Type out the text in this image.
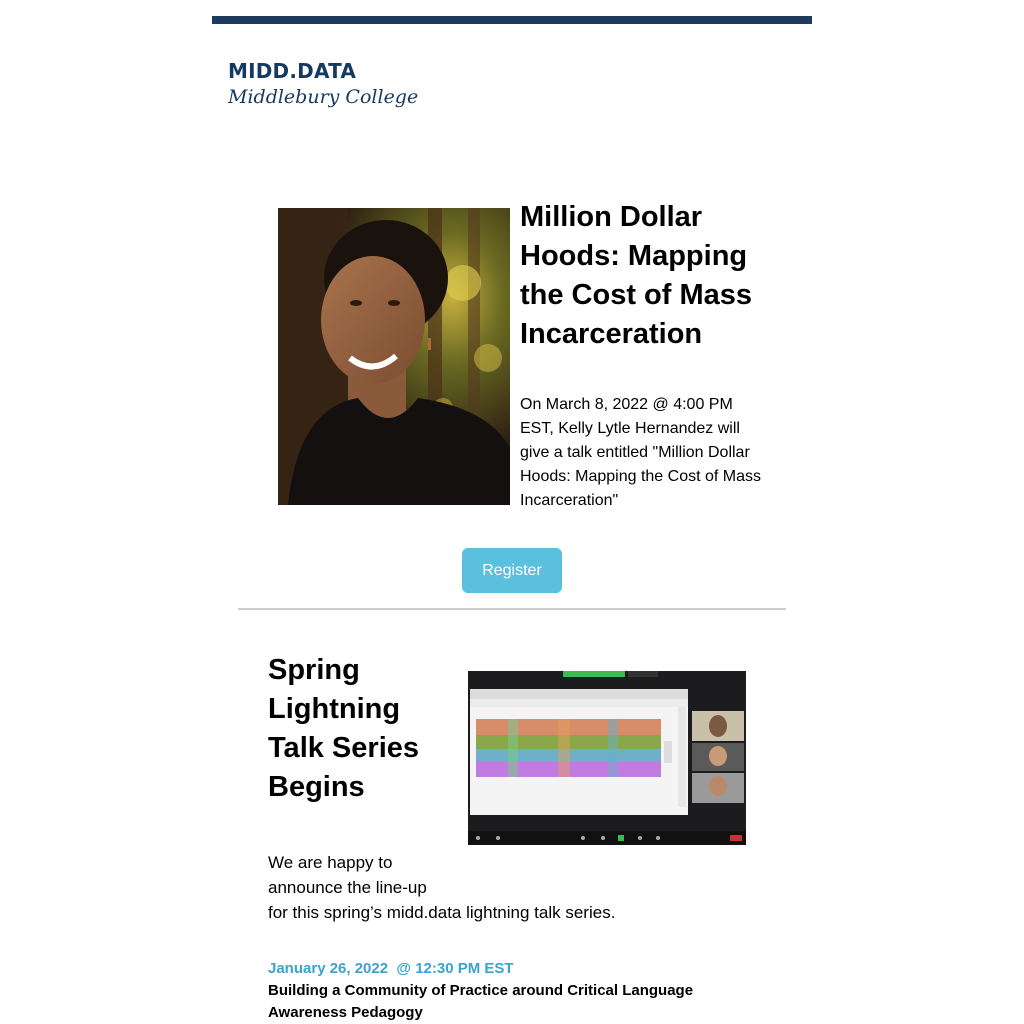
MIDD.DATA
Middlebury College
Million Dollar Hoods: Mapping the Cost of Mass Incarceration

On March 8, 2022 @ 4:00 PM EST, Kelly Lytle Hernandez will give a talk entitled "Million Dollar Hoods: Mapping the Cost of Mass Incarceration"

Register
Spring Lightning Talk Series Begins
We are happy to
announce the line-up
for this spring’s midd.data lightning talk series.
January 26, 2022  @ 12:30 PM EST
Building a Community of Practice around Critical Language Awareness Pedagogy
